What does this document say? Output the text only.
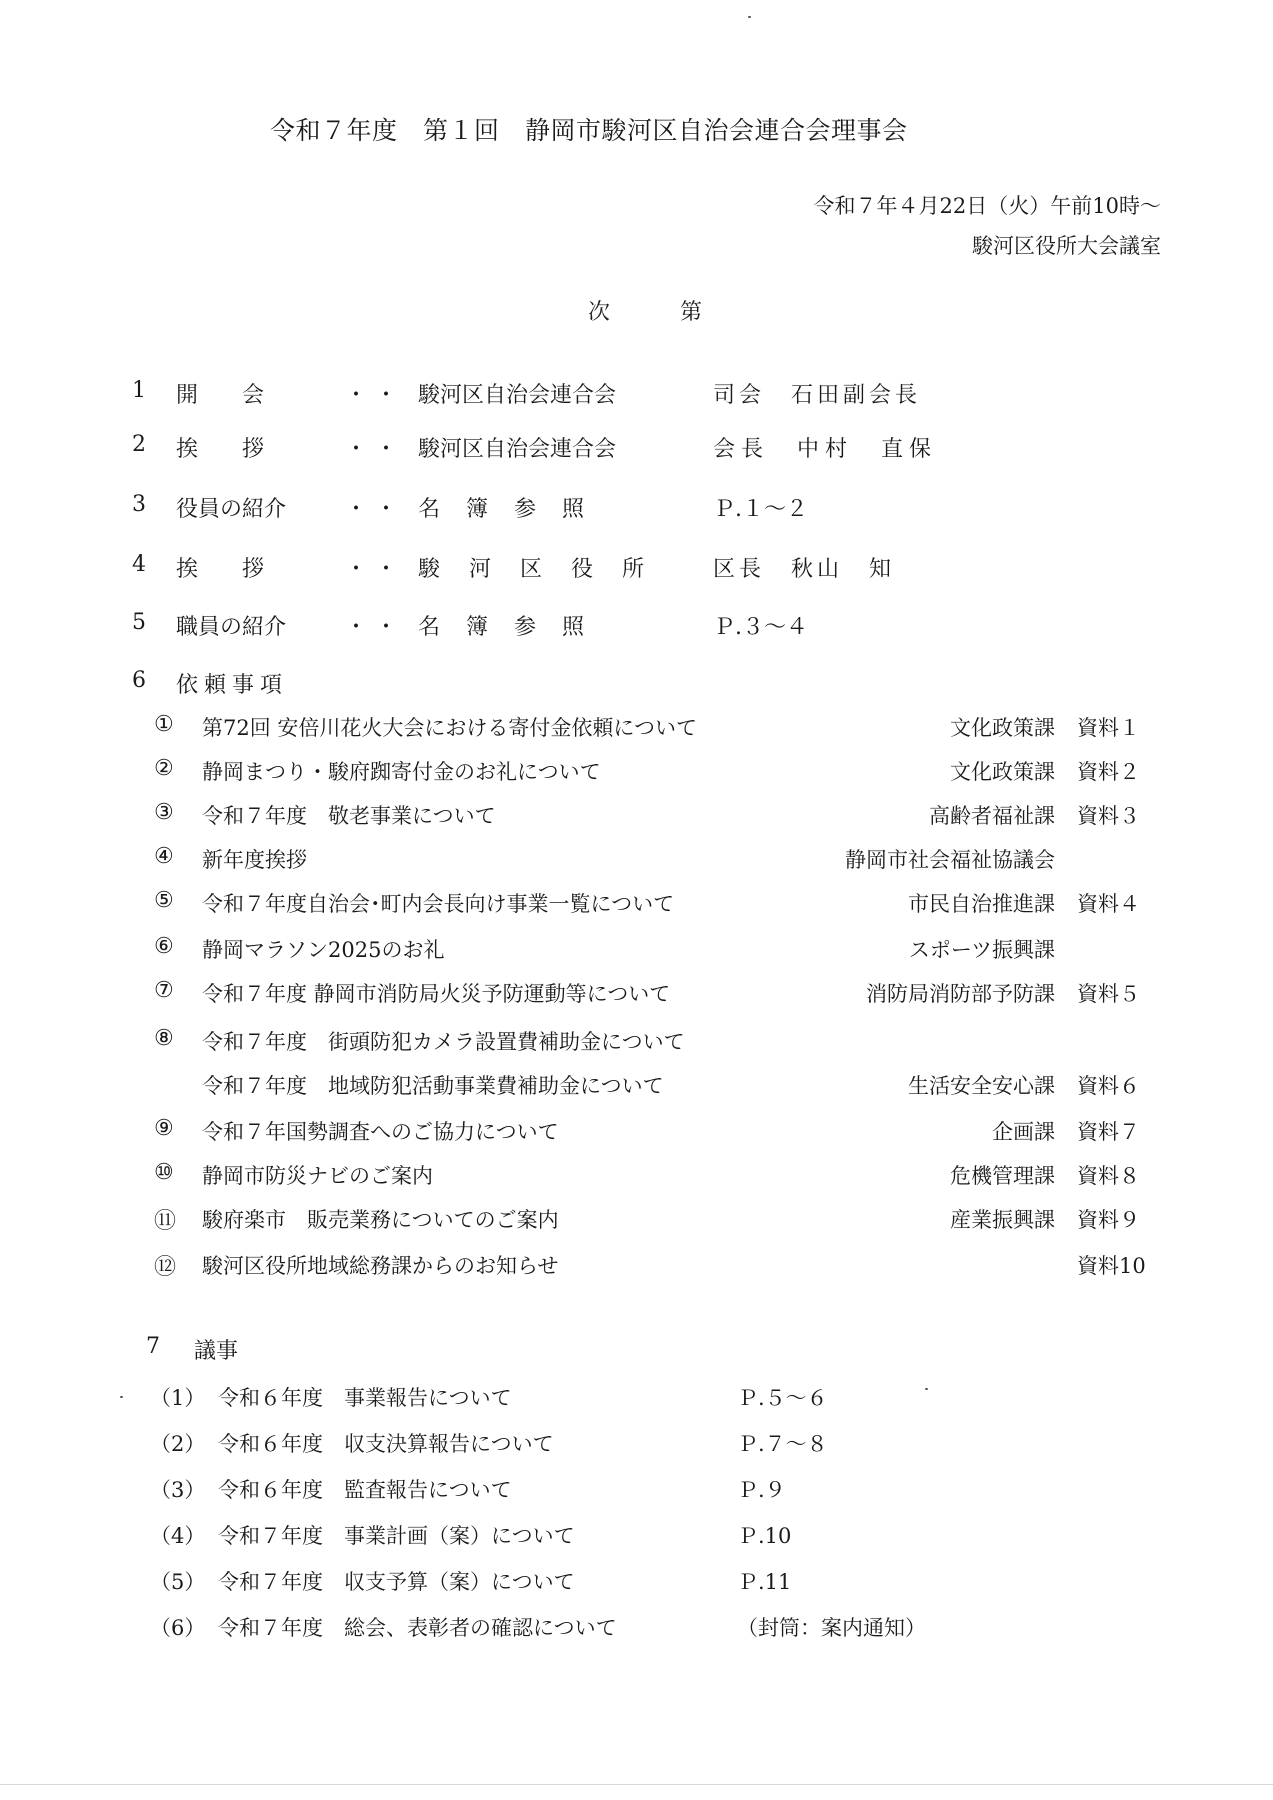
令和７年度　第１回　静岡市駿河区自治会連合会理事会
令和７年４月22日（火）午前10時～
駿河区役所大会議室
次　第
1 開　　会	・・ 駿河区自治会連合会	司会　石田副会長
2 挨　　拶	・・ 駿河区自治会連合会	会長　中村　直保
3 役員の紹介	・・ 名簿参照	Ｐ.１～２
4 挨　　拶	・・ 駿河区役所 区長　秋山　知
5 職員の紹介	・・ 名簿参照	Ｐ.３～４
6 依頼事項
① 第72回 安倍川花火大会における寄付金依頼について	文化政策課 資料１
② 静岡まつり・駿府踟寄付金のお礼について	文化政策課 資料２
③ 令和７年度　敬老事業について	高齢者福祉課 資料３
④ 新年度挨拶	静岡市社会福祉協議会
⑤ 令和７年度自治会･町内会長向け事業一覧について	市民自治推進課 資料４
⑥ 静岡マラソン2025のお礼	スポーツ振興課
⑦ 令和７年度 静岡市消防局火災予防運動等について	消防局消防部予防課 資料５
⑧ 令和７年度　街頭防犯カメラ設置費補助金について
令和７年度　地域防犯活動事業費補助金について	生活安全安心課 資料６
⑨ 令和７年国勢調査へのご協力について	企画課 資料７
⑩ 静岡市防災ナビのご案内	危機管理課 資料８
⑪ 駿府楽市　販売業務についてのご案内	産業振興課 資料９
⑫ 駿河区役所地域総務課からのお知らせ	資料10
7 議事
（1） 令和６年度　事業報告について	Ｐ.５～６
（2） 令和６年度　収支決算報告について	Ｐ.７～８
（3） 令和６年度　監査報告について	Ｐ.９
（4） 令和７年度　事業計画（案）について	Ｐ.10
（5） 令和７年度　収支予算（案）について	Ｐ.11
（6） 令和７年度　総会、表彰者の確認について	（封筒：案内通知）
